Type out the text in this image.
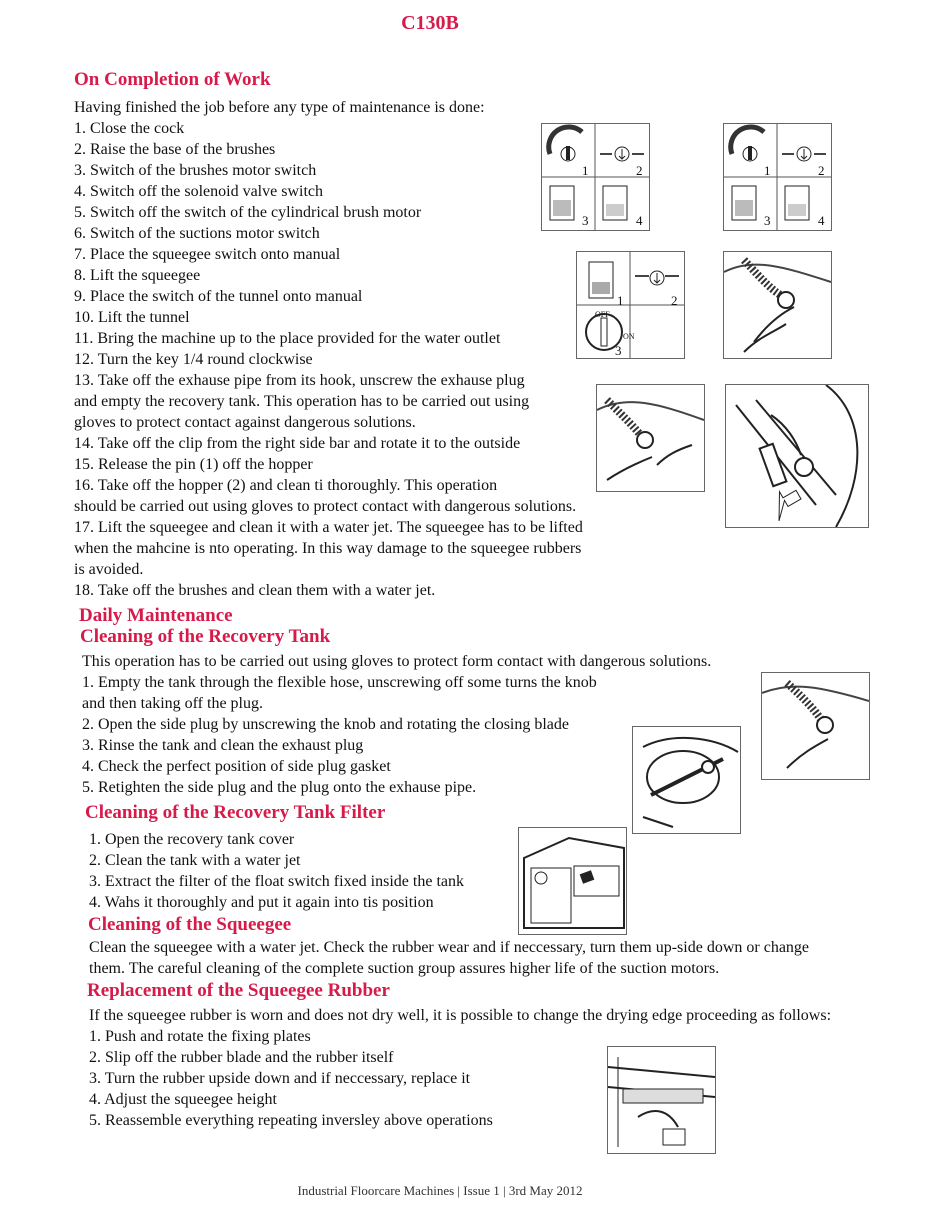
C130B
On Completion of Work
Having finished the job before any type of maintenance is done:
1. Close the cock
2. Raise the base of the brushes
3. Switch of the brushes motor switch
4. Switch off the solenoid valve switch
5. Switch off the switch of the cylindrical brush motor
6. Switch of the suctions motor switch
7. Place the squeegee switch onto manual
8. Lift the squeegee
9. Place the switch of the tunnel onto manual
10. Lift the tunnel
11. Bring the machine up to the place provided for the water outlet
12. Turn the key 1/4 round clockwise
13. Take off the exhause pipe from its hook, unscrew the exhause plug
and empty the recovery tank. This operation has to be carried out using
gloves to protect contact against dangerous solutions.
14. Take off the clip from the right side bar and rotate it to the outside
15. Release the pin (1) off the hopper
16. Take off the hopper (2) and clean ti thoroughly. This operation
should be carried out using gloves to protect contact with dangerous solutions.
17. Lift the squeegee and clean it with a water jet. The squeegee has to be lifted
when the mahcine is nto operating. In this way damage to the squeegee rubbers
is avoided.
18. Take off the brushes and clean them with a water jet.
Daily Maintenance
Cleaning of the Recovery Tank
This operation has to be carried out using gloves to protect form contact with dangerous solutions.
1. Empty the tank through the flexible hose, unscrewing off some turns the knob
and then taking off the plug.
2. Open the side plug by unscrewing the knob and rotating the closing blade
3. Rinse the tank and clean the exhaust plug
4. Check the perfect position of side plug gasket
5. Retighten the side plug and the plug onto the exhause pipe.
Cleaning of the Recovery Tank Filter
1. Open the recovery tank cover
2. Clean the tank with a water jet
3. Extract the filter of the float switch fixed inside the tank
4. Wahs it thoroughly and put it again into tis position
Cleaning of the Squeegee
Clean the squeegee with a water jet. Check the rubber wear and if neccessary, turn them up-side down or change
them. The careful cleaning of the complete suction group assures higher life of the suction motors.
Replacement of the Squeegee Rubber
If the squeegee rubber is worn and does not dry well, it is possible to change the drying edge proceeding as follows:
1. Push and rotate the fixing plates
2. Slip off the rubber blade and the rubber itself
3. Turn the rubber upside down and if neccessary, replace it
4. Adjust the squeegee height
5. Reassemble everything repeating inversley above operations
1	2
3	4
1	2
3	4
1	2
3
OFF
ON
Industrial Floorcare Machines | Issue 1 | 3rd May 2012
